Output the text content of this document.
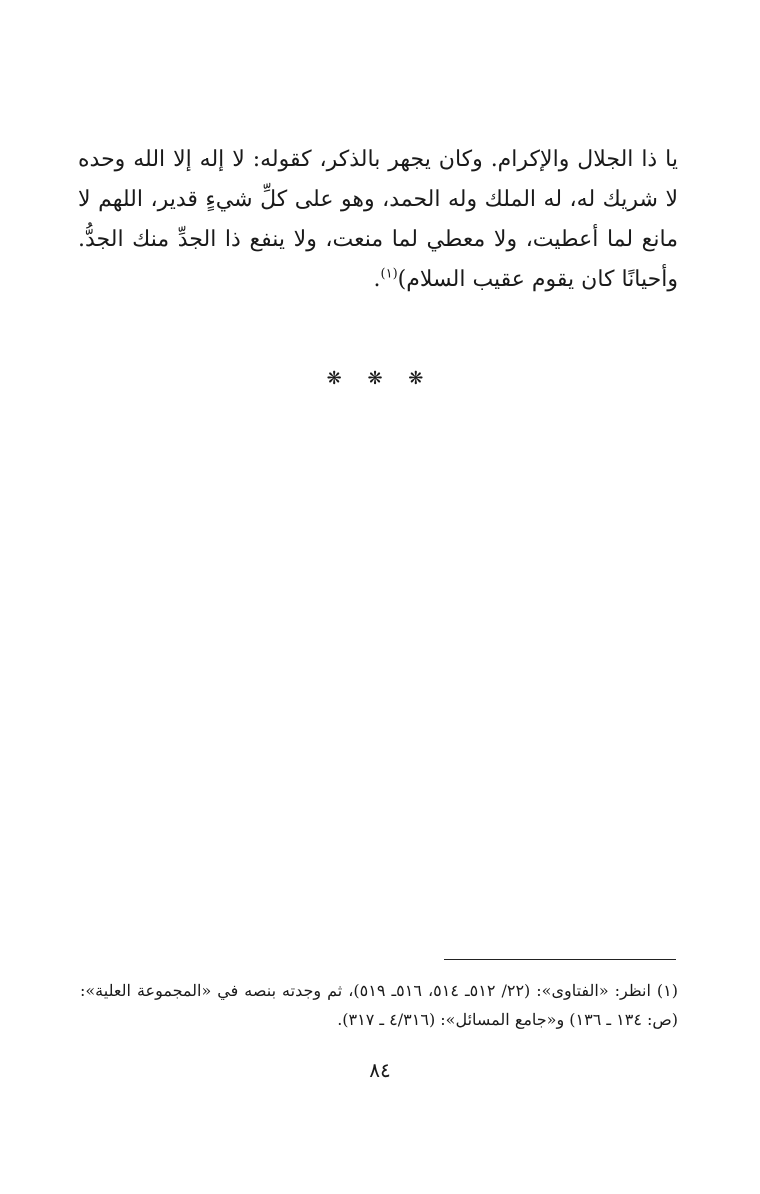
يا ذا الجلال والإكرام. وكان يجهر بالذكر، كقوله: لا إله إلا الله وحده لا شريك له، له الملك وله الحمد، وهو على كلِّ شيءٍ قدير، اللهم لا مانع لما أعطيت، ولا معطي لما منعت، ولا ينفع ذا الجدِّ منك الجدُّ. وأحيانًا كان يقوم عقيب السلام)$^{(١)}$.

❋ ❋ ❋

(١) انظر: «الفتاوى»: (٢٢/ ٥١٢ـ ٥١٤، ٥١٦ـ ٥١٩)، ثم وجدته بنصه في «المجموعة العلية»: (ص: ١٣٤ ـ ١٣٦) و«جامع المسائل»: (٤/٣١٦ ـ ٣١٧).

٨٤
